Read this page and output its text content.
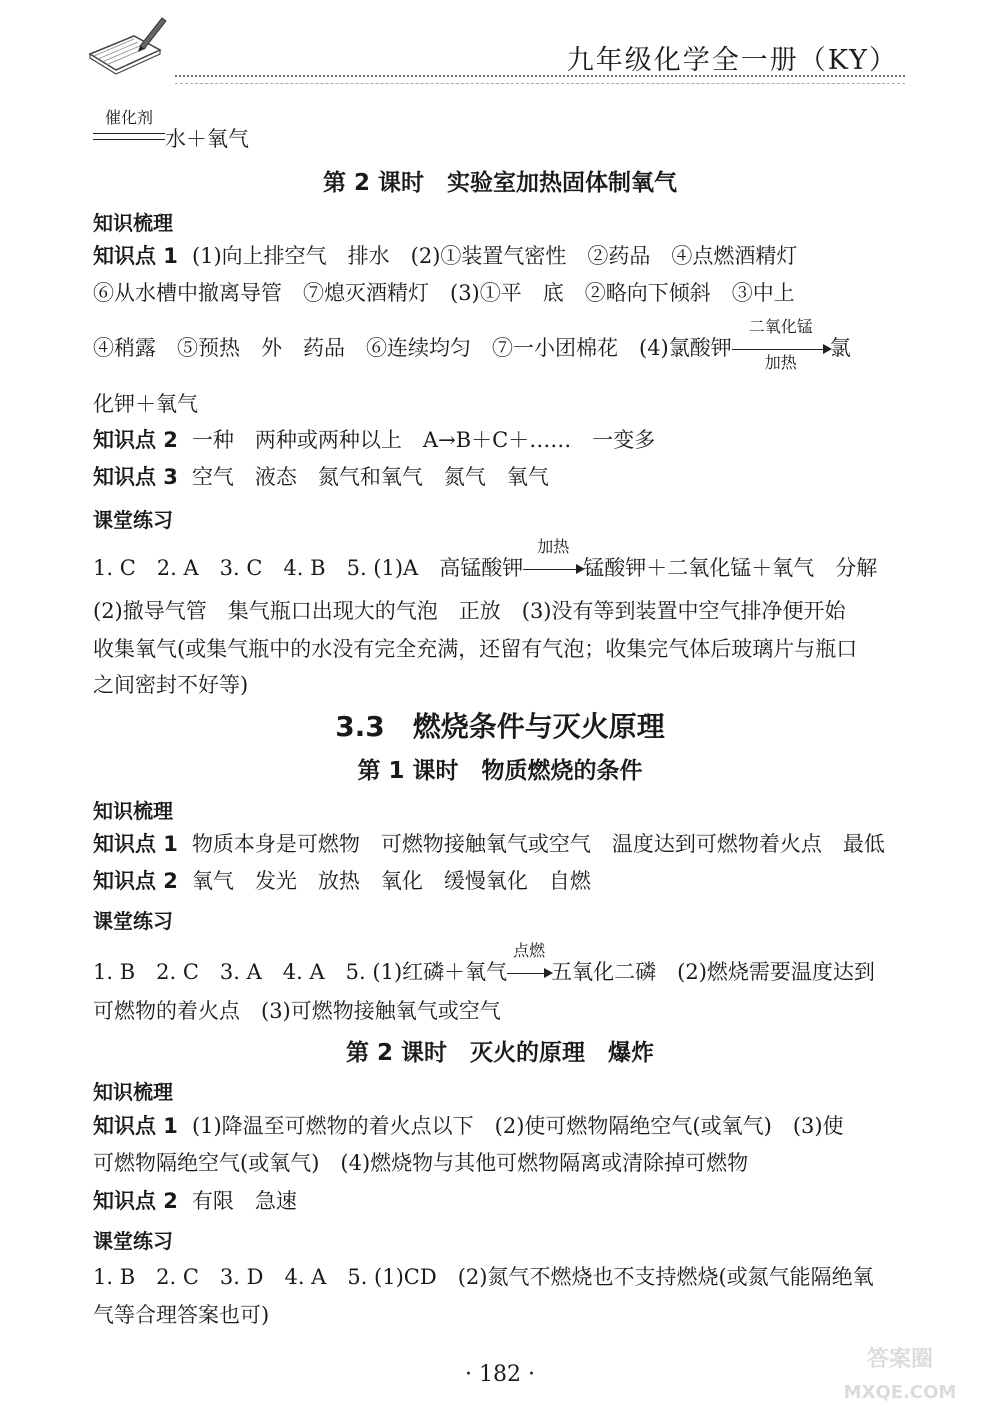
九年级化学全一册（KY）
催化剂
水＋氧气
第 2 课时　实验室加热固体制氧气
知识梳理
知识点 1 (1)向上排空气　排水　(2)①装置气密性　②药品　④点燃酒精灯
⑥从水槽中撤离导管　⑦熄灭酒精灯　(3)①平　底　②略向下倾斜　③中上
④稍露　⑤预热　外　药品　⑥连续均匀　⑦一小团棉花　(4)氯酸钾
二氧化锰
加热
氯
化钾＋氧气
知识点 2 一种　两种或两种以上　A→B＋C＋……　一变多
知识点 3 空气　液态　氮气和氧气　氮气　氧气
课堂练习
1. C　2. A　3. C　4. B　5. (1)A　高锰酸钾
加热
锰酸钾＋二氧化锰＋氧气　分解
(2)撤导气管　集气瓶口出现大的气泡　正放　(3)没有等到装置中空气排净便开始
收集氧气(或集气瓶中的水没有完全充满，还留有气泡；收集完气体后玻璃片与瓶口
之间密封不好等)
3.3　燃烧条件与灭火原理
第 1 课时　物质燃烧的条件
知识梳理
知识点 1 物质本身是可燃物　可燃物接触氧气或空气　温度达到可燃物着火点　最低
知识点 2 氧气　发光　放热　氧化　缓慢氧化　自燃
课堂练习
1. B　2. C　3. A　4. A　5. (1)红磷＋氧气
点燃
五氧化二磷　(2)燃烧需要温度达到
可燃物的着火点　(3)可燃物接触氧气或空气
第 2 课时　灭火的原理　爆炸
知识梳理
知识点 1 (1)降温至可燃物的着火点以下　(2)使可燃物隔绝空气(或氧气)　(3)使
可燃物隔绝空气(或氧气)　(4)燃烧物与其他可燃物隔离或清除掉可燃物
知识点 2 有限　急速
课堂练习
1. B　2. C　3. D　4. A　5. (1)CD　(2)氮气不燃烧也不支持燃烧(或氮气能隔绝氧
气等合理答案也可)
· 182 ·
答案圈
MXQE.COM
